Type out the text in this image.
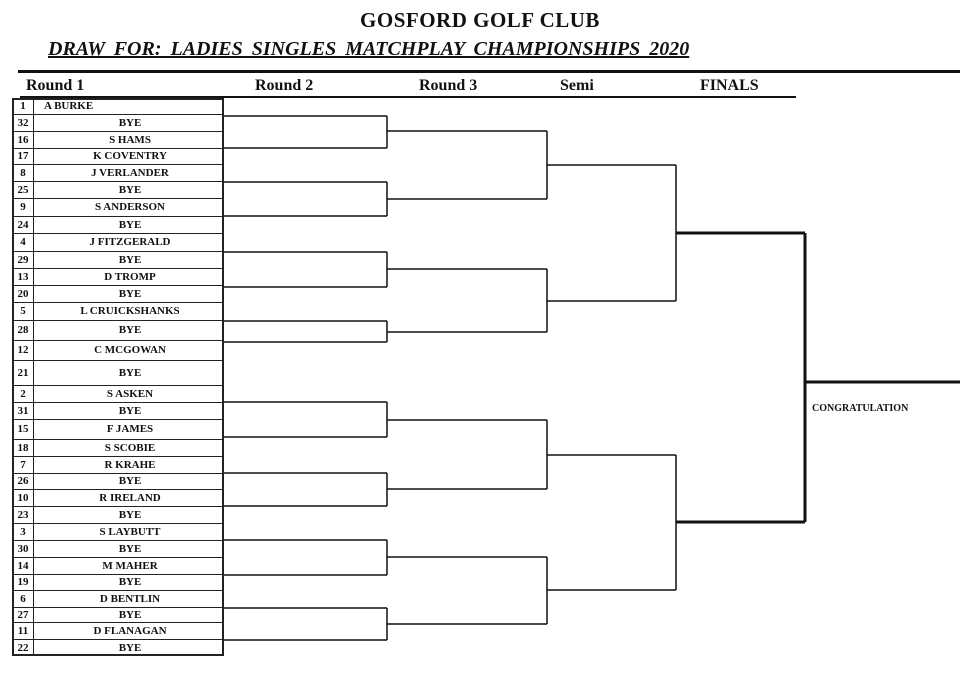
GOSFORD GOLF CLUB
DRAW FOR: LADIES SINGLES MATCHPLAY CHAMPIONSHIPS 2020
Round 1	Round 2	Round 3	Semi	FINALS
1	A BURKE
32	BYE
16	S HAMS
17	K COVENTRY
8	J VERLANDER
25	BYE
9	S ANDERSON
24	BYE
4	J FITZGERALD
29	BYE
13	D TROMP
20	BYE
5	L CRUICKSHANKS
28	BYE
12	C MCGOWAN
21	BYE
2	S ASKEN
31	BYE
15	F JAMES
18	S SCOBIE
7	R KRAHE
26	BYE
10	R IRELAND
23	BYE
3	S LAYBUTT
30	BYE
14	M MAHER
19	BYE
6	D BENTLIN
27	BYE
11	D FLANAGAN
22	BYE
CONGRATULATION
